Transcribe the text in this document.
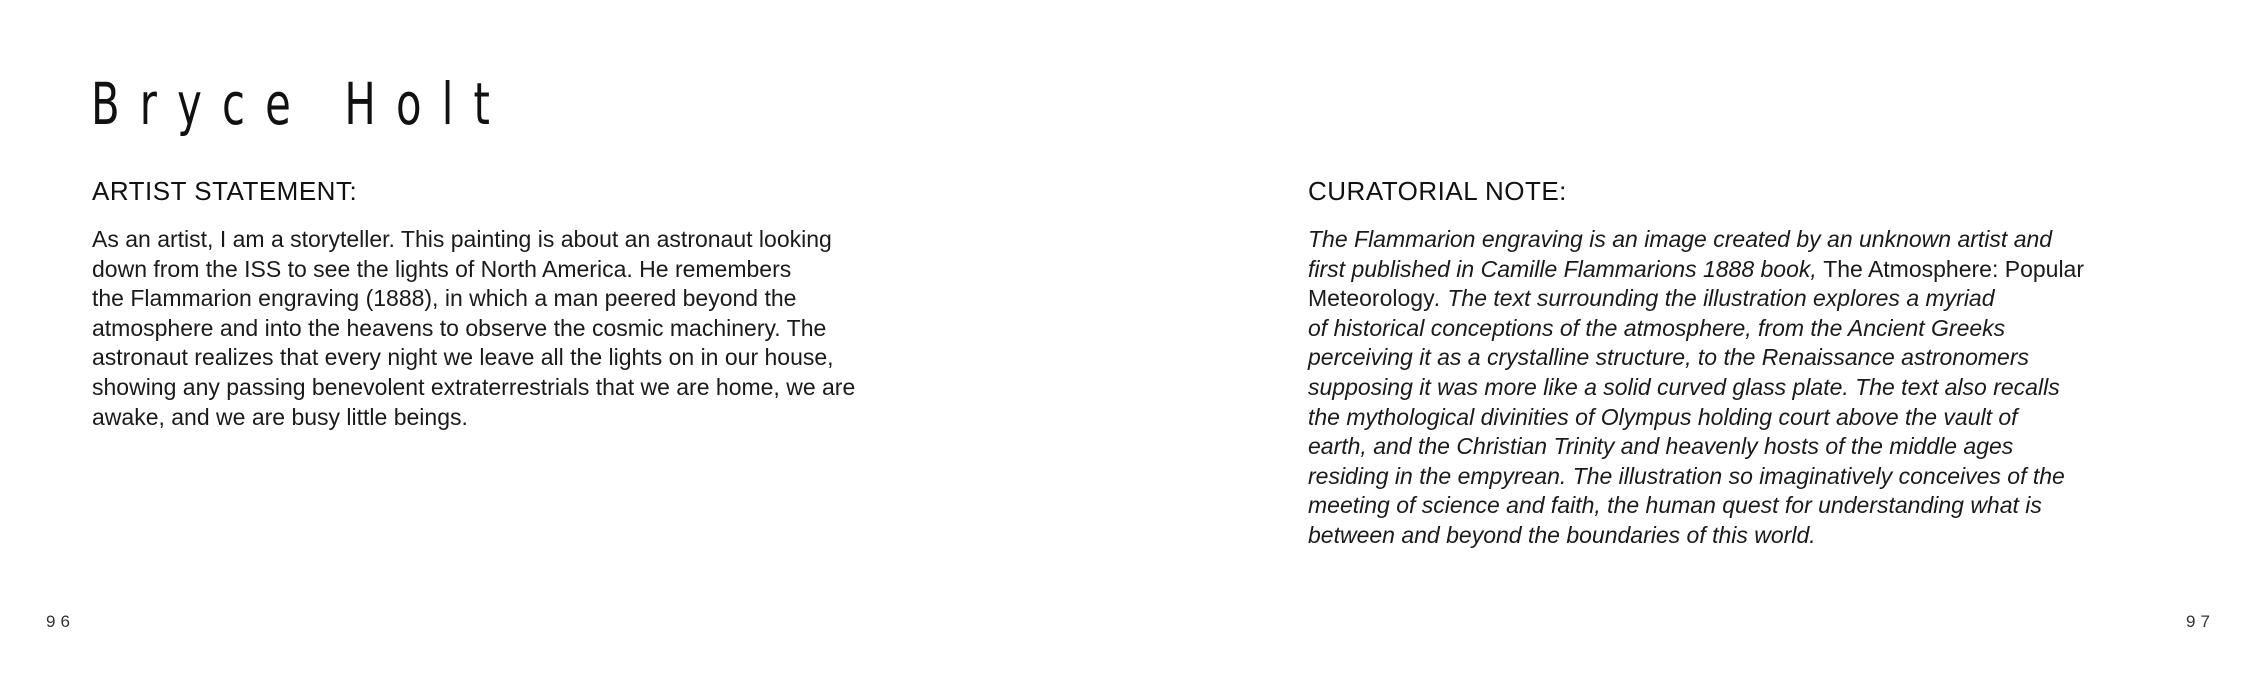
Bryce Holt
ARTIST STATEMENT:

As an artist, I am a storyteller. This painting is about an astronaut looking
down from the ISS to see the lights of North America. He remembers
the Flammarion engraving (1888), in which a man peered beyond the
atmosphere and into the heavens to observe the cosmic machinery. The
astronaut realizes that every night we leave all the lights on in our house,
showing any passing benevolent extraterrestrials that we are home, we are
awake, and we are busy little beings.

CURATORIAL NOTE:

The Flammarion engraving is an image created by an unknown artist and
first published in Camille Flammarions 1888 book, The Atmosphere: Popular
Meteorology. The text surrounding the illustration explores a myriad
of historical conceptions of the atmosphere, from the Ancient Greeks
perceiving it as a crystalline structure, to the Renaissance astronomers
supposing it was more like a solid curved glass plate. The text also recalls
the mythological divinities of Olympus holding court above the vault of
earth, and the Christian Trinity and heavenly hosts of the middle ages
residing in the empyrean. The illustration so imaginatively conceives of the
meeting of science and faith, the human quest for understanding what is
between and beyond the boundaries of this world.

96	97
